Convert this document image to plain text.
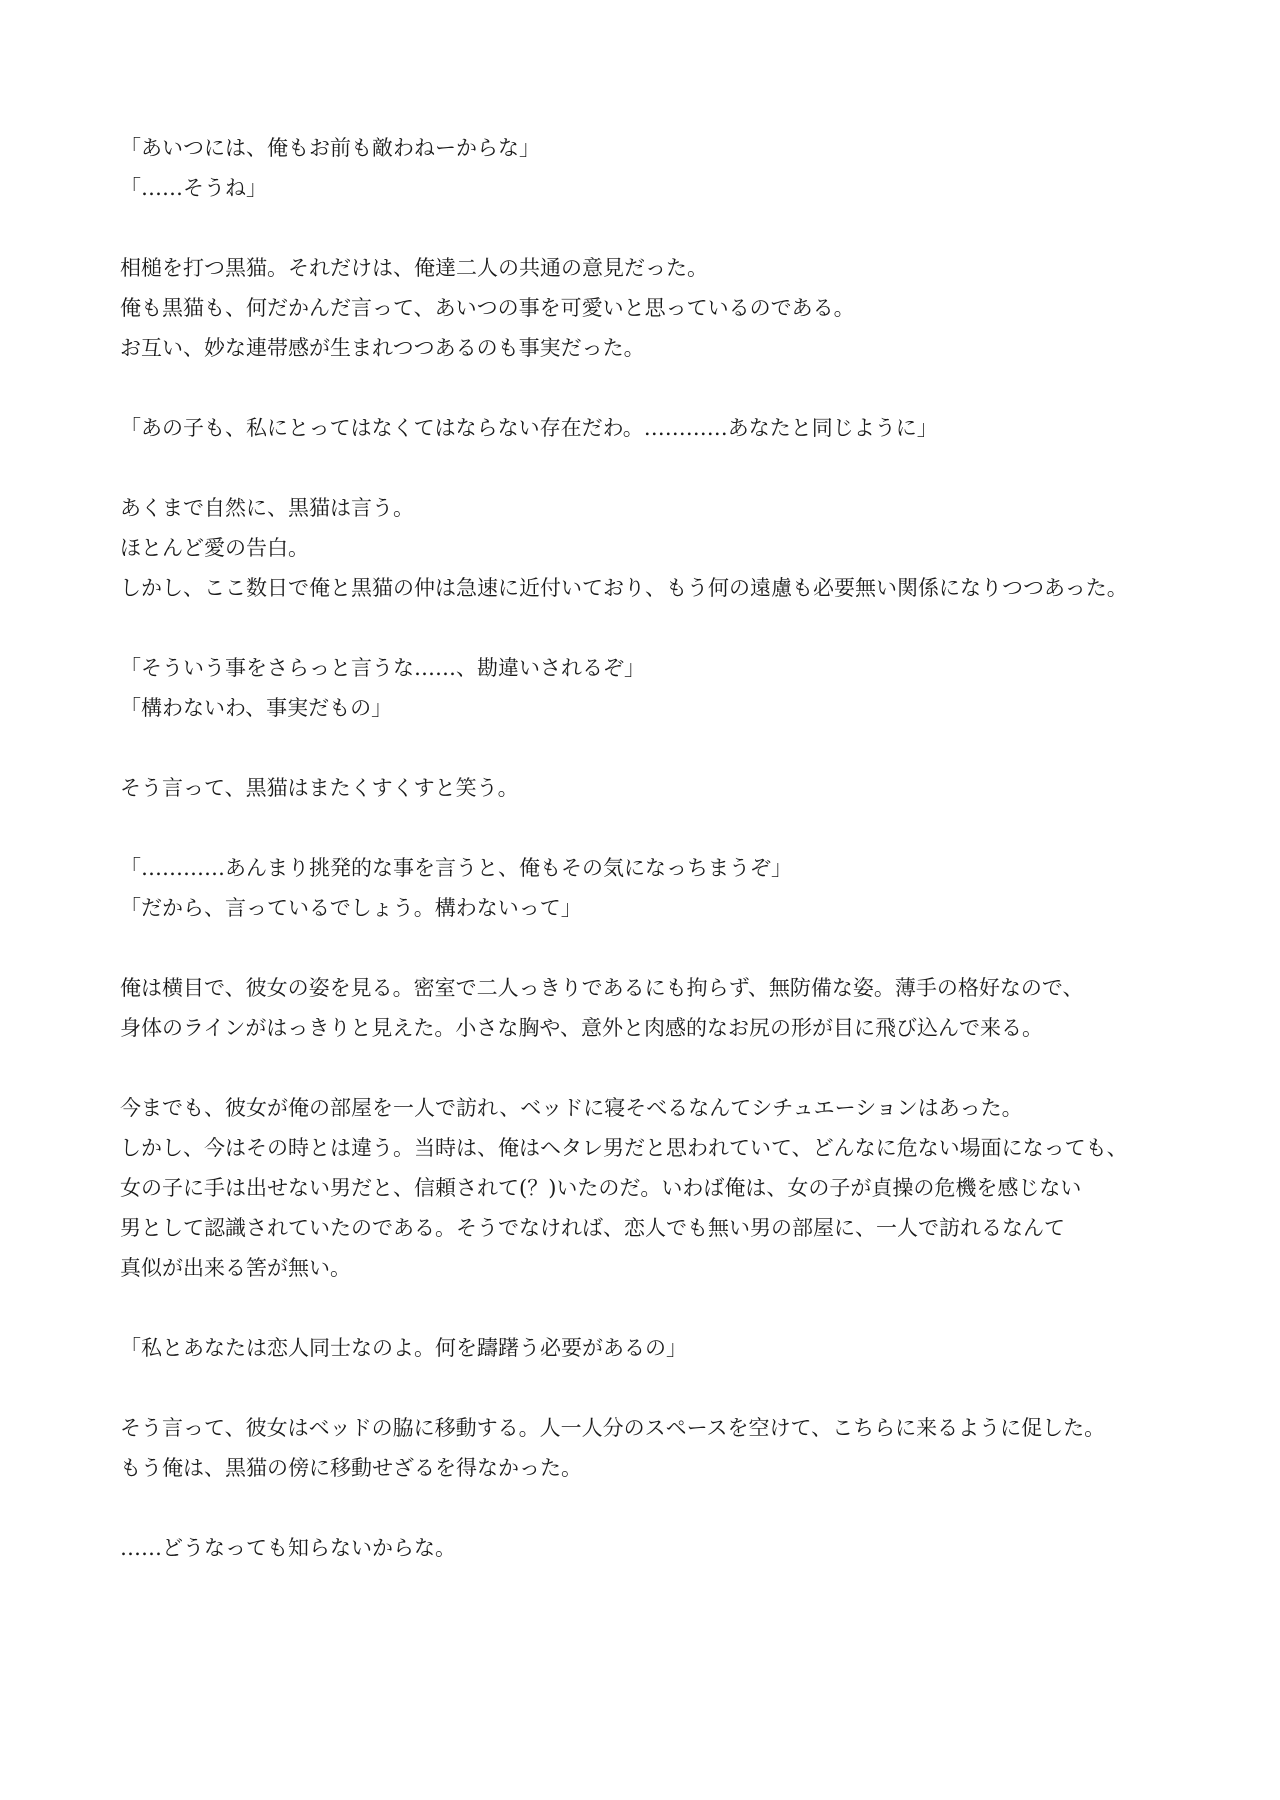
「あいつには、俺もお前も敵わねーからな」
「……そうね」
相槌を打つ黒猫。それだけは、俺達二人の共通の意見だった。
俺も黒猫も、何だかんだ言って、あいつの事を可愛いと思っているのである。
お互い、妙な連帯感が生まれつつあるのも事実だった。
「あの子も、私にとってはなくてはならない存在だわ。…………あなたと同じように」
あくまで自然に、黒猫は言う。
ほとんど愛の告白。
しかし、ここ数日で俺と黒猫の仲は急速に近付いており、もう何の遠慮も必要無い関係になりつつあった。
「そういう事をさらっと言うな……、勘違いされるぞ」
「構わないわ、事実だもの」
そう言って、黒猫はまたくすくすと笑う。
「…………あんまり挑発的な事を言うと、俺もその気になっちまうぞ」
「だから、言っているでしょう。構わないって」
俺は横目で、彼女の姿を見る。密室で二人っきりであるにも拘らず、無防備な姿。薄手の格好なので、
身体のラインがはっきりと見えた。小さな胸や、意外と肉感的なお尻の形が目に飛び込んで来る。
今までも、彼女が俺の部屋を一人で訪れ、ベッドに寝そべるなんてシチュエーションはあった。
しかし、今はその時とは違う。当時は、俺はヘタレ男だと思われていて、どんなに危ない場面になっても、
女の子に手は出せない男だと、信頼されて(？)いたのだ。いわば俺は、女の子が貞操の危機を感じない
男として認識されていたのである。そうでなければ、恋人でも無い男の部屋に、一人で訪れるなんて
真似が出来る筈が無い。
「私とあなたは恋人同士なのよ。何を躊躇う必要があるの」
そう言って、彼女はベッドの脇に移動する。人一人分のスペースを空けて、こちらに来るように促した。
もう俺は、黒猫の傍に移動せざるを得なかった。
……どうなっても知らないからな。
